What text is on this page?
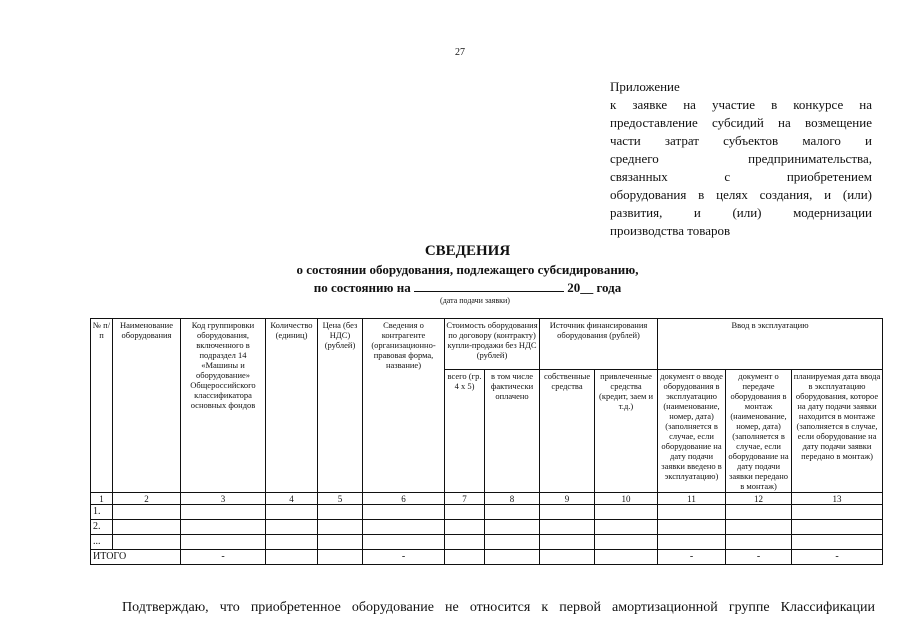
27
Приложение
к заявке на участие в конкурсе на
предоставление субсидий на возмещение
части затрат субъектов малого и
среднего предпринимательства,
связанных с приобретением
оборудования в целях создания, и (или)
развития, и (или) модернизации
производства товаров
СВЕДЕНИЯ
о состоянии оборудования, подлежащего субсидированию,
по состоянию на	20__ года
(дата подачи заявки)
№ п/п	Наименование оборудования	Код группировки оборудования, включенного в подраздел 14 «Машины и оборудование» Общероссийского классификатора основных фондов	Количество (единиц)	Цена (без НДС) (рублей)	Сведения о контрагенте (организационно-правовая форма, название)	Стоимость оборудования по договору (контракту) купли-продажи без НДС (рублей)		Источник финансирования оборудования (рублей)		Ввод в эксплуатацию		
						всего (гр. 4 х 5)	в том числе фактически оплачено	собственные средства	привлеченные средства (кредит, заем и т.д.)	документ о вводе оборудования в эксплуатацию (наименование, номер, дата) (заполняется в случае, если оборудование на дату подачи заявки введено в эксплуатацию)	документ о передаче оборудования в монтаж (наименование, номер, дата) (заполняется в случае, если оборудование на дату подачи заявки передано в монтаж)	планируемая дата ввода в эксплуатацию оборудования, которое на дату подачи заявки находится в монтаже (заполняется в случае, если оборудование на дату подачи заявки передано в монтаж)
1	2	3	4	5	6	7	8	9	10	11	12	13
1.												
2.												
...												
ИТОГО		-			-					-	-	-
Подтверждаю, что приобретенное оборудование не относится к первой амортизационной группе Классификации
